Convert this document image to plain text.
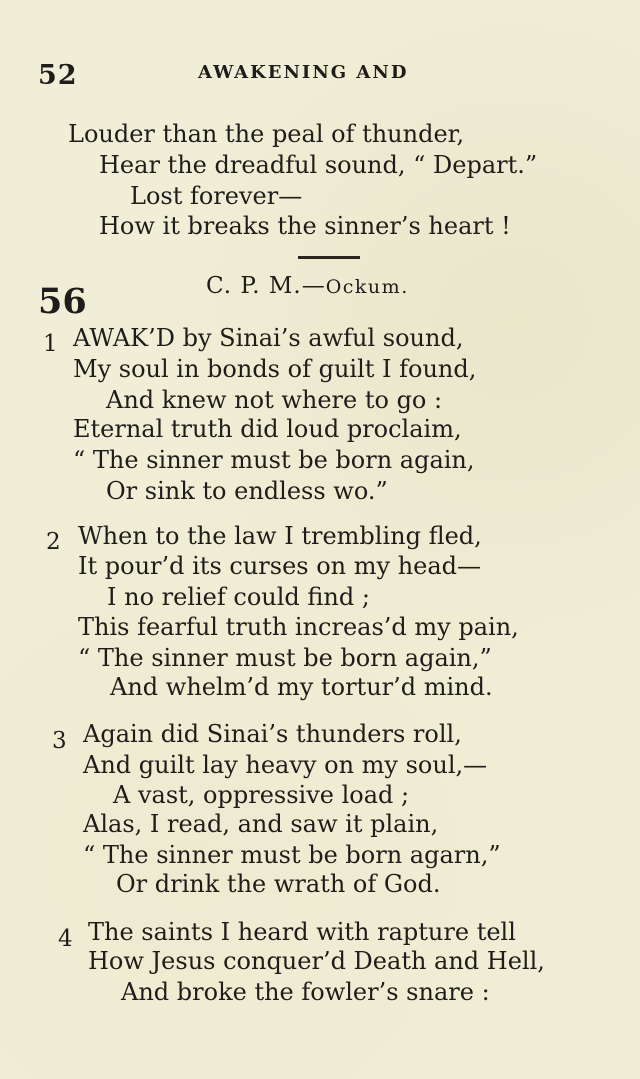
52	AWAKENING AND
Louder than the peal of thunder,
Hear the dreadful sound, “ Depart.”
Lost forever—
How it breaks the sinner’s heart !
56	C. P. M.—Ockum.
1 AWAK’D by Sinai’s awful sound,
My soul in bonds of guilt I found,
And knew not where to go :
Eternal truth did loud proclaim,
“ The sinner must be born again,
Or sink to endless wo.”
2 When to the law I trembling fled,
It pour’d its curses on my head—
I no relief could find ;
This fearful truth increas’d my pain,
“ The sinner must be born again,”
And whelm’d my tortur’d mind.
3 Again did Sinai’s thunders roll,
And guilt lay heavy on my soul,—
A vast, oppressive load ;
Alas, I read, and saw it plain,
“ The sinner must be born agarn,”
Or drink the wrath of God.
4 The saints I heard with rapture tell
How Jesus conquer’d Death and Hell,
And broke the fowler’s snare :
